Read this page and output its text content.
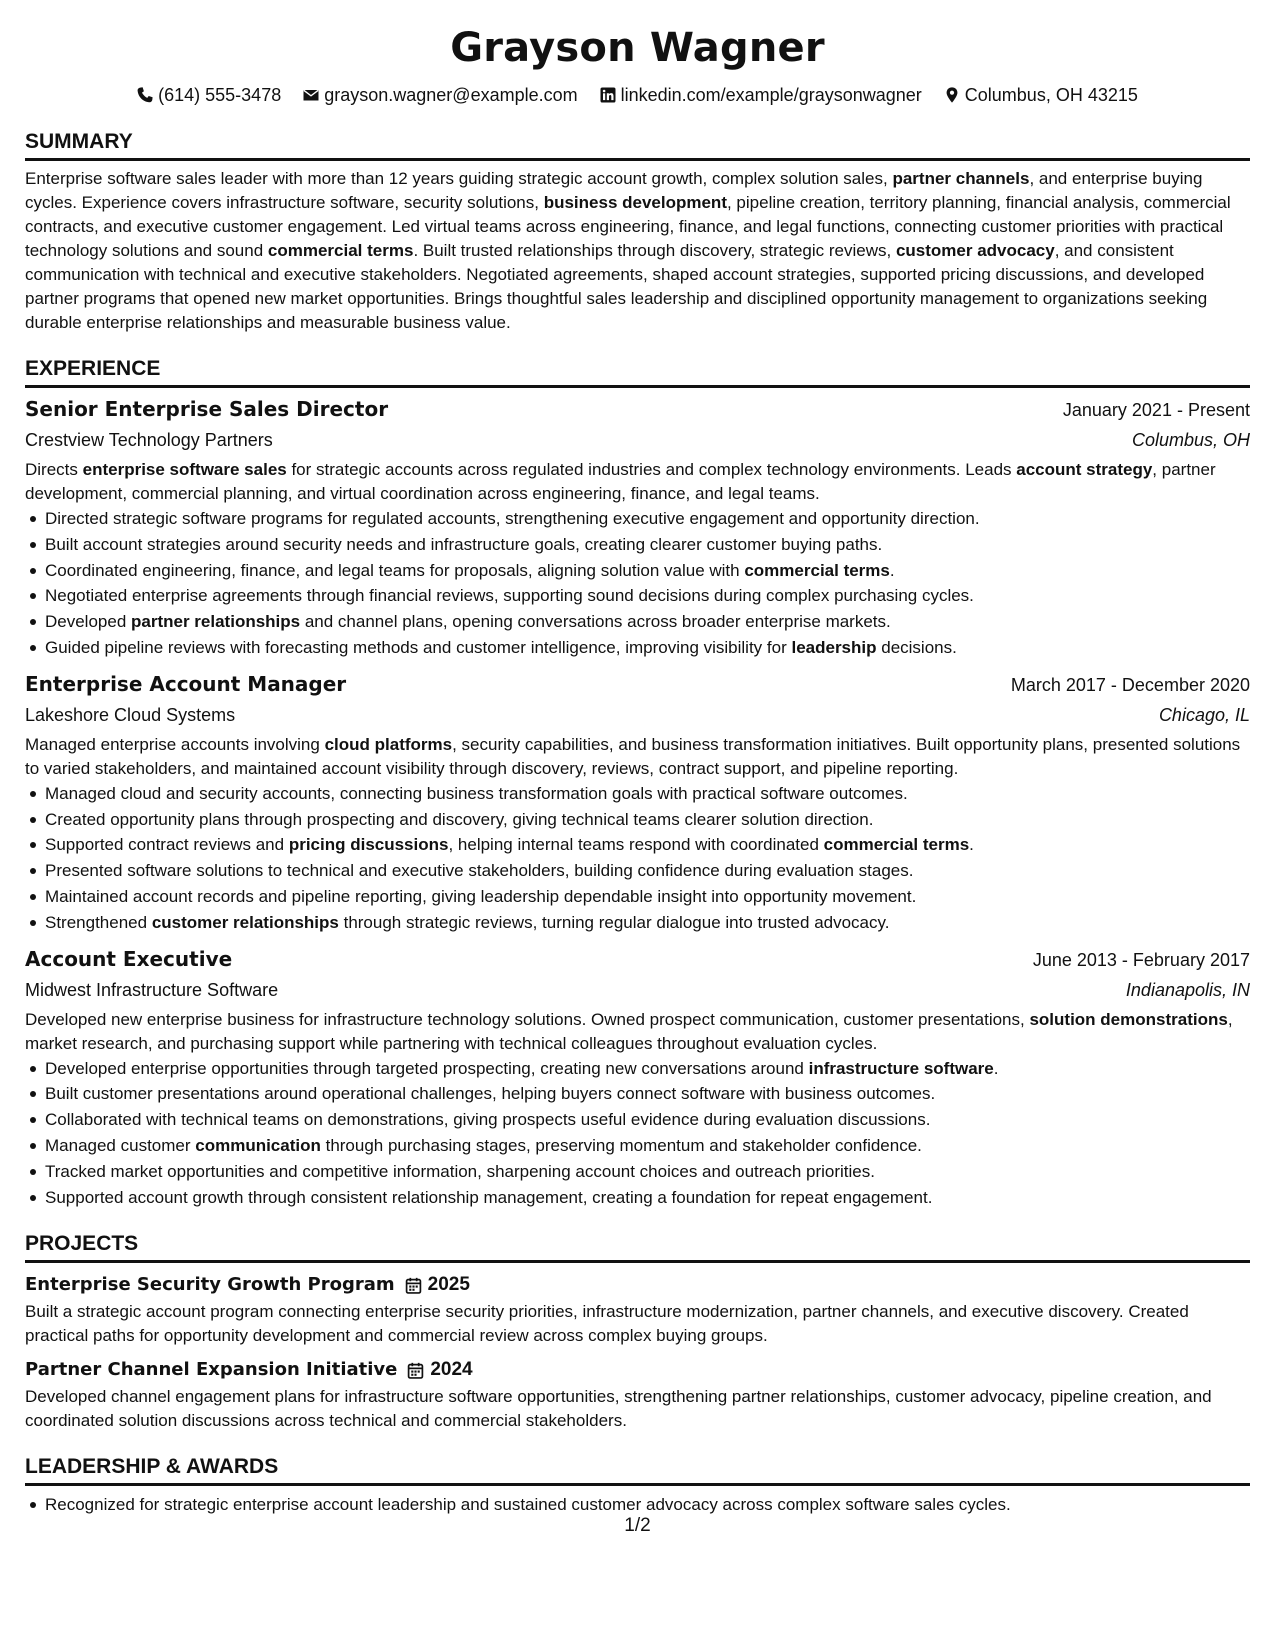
Grayson Wagner
(614) 555-3478 grayson.wagner@example.com linkedin.com/example/graysonwagner Columbus, OH 43215
SUMMARY

Enterprise software sales leader with more than 12 years guiding strategic account growth, complex solution sales, partner channels, and enterprise buying cycles. Experience covers infrastructure software, security solutions, business development, pipeline creation, territory planning, financial analysis, commercial contracts, and executive customer engagement. Led virtual teams across engineering, finance, and legal functions, connecting customer priorities with practical technology solutions and sound commercial terms. Built trusted relationships through discovery, strategic reviews, customer advocacy, and consistent communication with technical and executive stakeholders. Negotiated agreements, shaped account strategies, supported pricing discussions, and developed partner programs that opened new market opportunities. Brings thoughtful sales leadership and disciplined opportunity management to organizations seeking durable enterprise relationships and measurable business value.

EXPERIENCE
Senior Enterprise Sales Director	January 2021 - Present
Crestview Technology Partners	Columbus, OH

Directs enterprise software sales for strategic accounts across regulated industries and complex technology environments. Leads account strategy, partner development, commercial planning, and virtual coordination across engineering, finance, and legal teams.

Directed strategic software programs for regulated accounts, strengthening executive engagement and opportunity direction.
Built account strategies around security needs and infrastructure goals, creating clearer customer buying paths.
Coordinated engineering, finance, and legal teams for proposals, aligning solution value with commercial terms.
Negotiated enterprise agreements through financial reviews, supporting sound decisions during complex purchasing cycles.
Developed partner relationships and channel plans, opening conversations across broader enterprise markets.
Guided pipeline reviews with forecasting methods and customer intelligence, improving visibility for leadership decisions.
Enterprise Account Manager	March 2017 - December 2020
Lakeshore Cloud Systems	Chicago, IL

Managed enterprise accounts involving cloud platforms, security capabilities, and business transformation initiatives. Built opportunity plans, presented solutions to varied stakeholders, and maintained account visibility through discovery, reviews, contract support, and pipeline reporting.

Managed cloud and security accounts, connecting business transformation goals with practical software outcomes.
Created opportunity plans through prospecting and discovery, giving technical teams clearer solution direction.
Supported contract reviews and pricing discussions, helping internal teams respond with coordinated commercial terms.
Presented software solutions to technical and executive stakeholders, building confidence during evaluation stages.
Maintained account records and pipeline reporting, giving leadership dependable insight into opportunity movement.
Strengthened customer relationships through strategic reviews, turning regular dialogue into trusted advocacy.
Account Executive	June 2013 - February 2017
Midwest Infrastructure Software	Indianapolis, IN

Developed new enterprise business for infrastructure technology solutions. Owned prospect communication, customer presentations, solution demonstrations, market research, and purchasing support while partnering with technical colleagues throughout evaluation cycles.

Developed enterprise opportunities through targeted prospecting, creating new conversations around infrastructure software.
Built customer presentations around operational challenges, helping buyers connect software with business outcomes.
Collaborated with technical teams on demonstrations, giving prospects useful evidence during evaluation discussions.
Managed customer communication through purchasing stages, preserving momentum and stakeholder confidence.
Tracked market opportunities and competitive information, sharpening account choices and outreach priorities.
Supported account growth through consistent relationship management, creating a foundation for repeat engagement.
PROJECTS
Enterprise Security Growth Program 2025

Built a strategic account program connecting enterprise security priorities, infrastructure modernization, partner channels, and executive discovery. Created practical paths for opportunity development and commercial review across complex buying groups.

Partner Channel Expansion Initiative 2024

Developed channel engagement plans for infrastructure software opportunities, strengthening partner relationships, customer advocacy, pipeline creation, and coordinated solution discussions across technical and commercial stakeholders.

LEADERSHIP & AWARDS
Recognized for strategic enterprise account leadership and sustained customer advocacy across complex software sales cycles.
1/2
